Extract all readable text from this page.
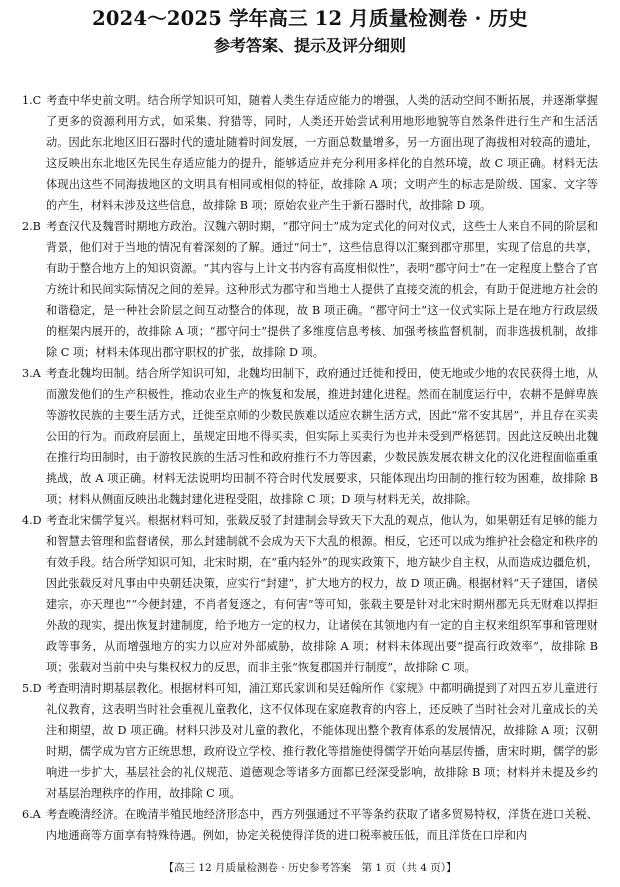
2024～2025 学年高三 12 月质量检测卷 · 历史
参考答案、提示及评分细则

1.C 考查中华史前文明。结合所学知识可知，随着人类生存适应能力的增强，人类的活动空间不断拓展，并逐渐掌握了更多的资源利用方式，如采集、狩猎等，同时，人类还开始尝试利用地形地貌等自然条件进行生产和生活活动。因此东北地区旧石器时代的遗址随着时间发展，一方面总数量增多，另一方面出现了海拔相对较高的遗址，这反映出东北地区先民生存适应能力的提升，能够适应并充分利用多样化的自然环境，故 C 项正确。材料无法体现出这些不同海拔地区的文明具有相同或相似的特征，故排除 A 项；文明产生的标志是阶级、国家、文字等的产生，材料未涉及这些信息，故排除 B 项；原始农业产生于新石器时代，故排除 D 项。

2.B 考查汉代及魏晋时期地方政治。汉魏六朝时期，“郡守问士”成为定式化的问对仪式，这些士人来自不同的阶层和背景，他们对于当地的情况有着深刻的了解。通过“问士”，这些信息得以汇聚到郡守那里，实现了信息的共享，有助于整合地方上的知识资源。“其内容与上计文书内容有高度相似性”，表明“郡守问士”在一定程度上整合了官方统计和民间实际情况之间的差异。这种形式为郡守和当地士人提供了直接交流的机会，有助于促进地方社会的和谐稳定，是一种社会阶层之间互动整合的体现，故 B 项正确。“郡守问士”这一仪式实际上是在地方行政层级的框架内展开的，故排除 A 项；“郡守问士”提供了多维度信息考核、加强考核监督机制，而非选拔机制，故排除 C 项；材料未体现出郡守职权的扩张，故排除 D 项。

3.A 考查北魏均田制。结合所学知识可知，北魏均田制下，政府通过迁徙和授田，使无地或少地的农民获得土地，从而激发他们的生产积极性，推动农业生产的恢复和发展，推进封建化进程。然而在制度运行中，农耕不是鲜卑族等游牧民族的主要生活方式，迁徙至京师的少数民族难以适应农耕生活方式，因此“常不安其居”，并且存在买卖公田的行为。而政府层面上，虽规定田地不得买卖，但实际上买卖行为也并未受到严格惩罚。因此这反映出北魏在推行均田制时，由于游牧民族的生活习性和政府推行不力等因素，少数民族发展农耕文化的汉化进程面临重重挑战，故 A 项正确。材料无法说明均田制不符合时代发展要求，只能体现出均田制的推行较为困难，故排除 B 项；材料从侧面反映出北魏封建化进程受阻，故排除 C 项；D 项与材料无关，故排除。

4.D 考查北宋儒学复兴。根据材料可知，张载反驳了封建制会导致天下大乱的观点，他认为，如果朝廷有足够的能力和智慧去管理和监督诸侯，那么封建制就不会成为天下大乱的根源。相反，它还可以成为维护社会稳定和秩序的有效手段。结合所学知识可知，北宋时期，在“重内轻外”的现实政策下，地方缺少自主权，从而造成边疆危机，因此张载反对凡事由中央朝廷决策，应实行“封建”，扩大地方的权力，故 D 项正确。根据材料“天子建国，诸侯建宗，亦天理也”“今便封建，不肖者复逐之，有何害”等可知，张载主要是针对北宋时期州郡无兵无财难以捍拒外敌的现实，提出恢复封建制度，给予地方一定的权力，让诸侯在其领地内有一定的自主权来组织军事和管理财政等事务，从而增强地方的实力以应对外部威胁，故排除 A 项；材料未体现出要“提高行政效率”，故排除 B 项；张载对当前中央与集权权力的反思，而非主张“恢复郡国并行制度”，故排除 C 项。

5.D 考查明清时期基层教化。根据材料可知，浦江郑氏家训和吴廷翰所作《家规》中都明确提到了对四五岁儿童进行礼仪教育，这表明当时社会重视儿童教化，这不仅体现在家庭教育的内容上，还反映了当时社会对儿童成长的关注和期望，故 D 项正确。材料只涉及对儿童的教化，不能体现出整个教育体系的发展情况，故排除 A 项；汉朝时期，儒学成为官方正统思想，政府设立学校、推行教化等措施使得儒学开始向基层传播，唐宋时期，儒学的影响进一步扩大，基层社会的礼仪规范、道德观念等诸多方面都已经深受影响，故排除 B 项；材料并未提及乡约对基层治理秩序的作用，故排除 C 项。

6.A 考查晚清经济。在晚清半殖民地经济形态中，西方列强通过不平等条约获取了诸多贸易特权，洋货在进口关税、内地通商等方面享有特殊待遇。例如，协定关税使得洋货的进口税率被压低，而且洋货在口岸和内

【高三 12 月质量检测卷 · 历史参考答案　第 1 页（共 4 页）】
